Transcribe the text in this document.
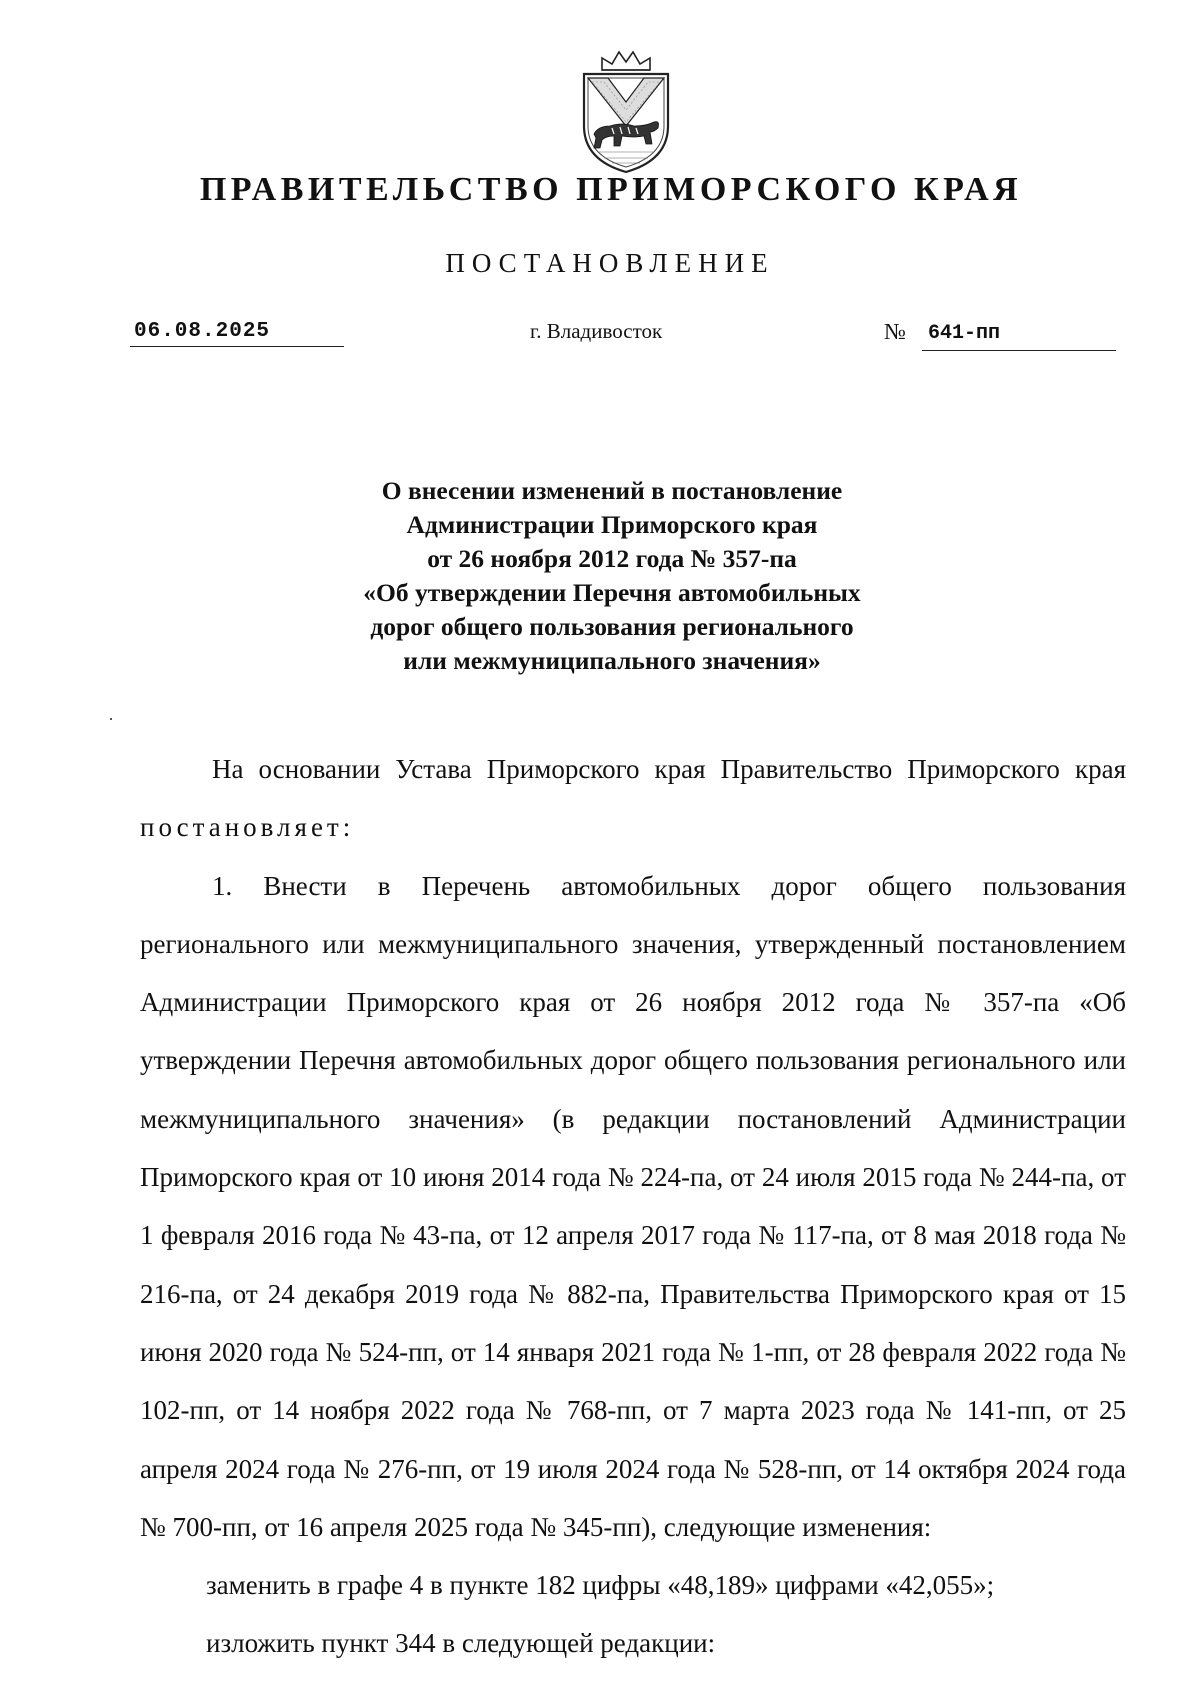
ПРАВИТЕЛЬСТВО ПРИМОРСКОГО КРАЯ
ПОСТАНОВЛЕНИЕ
06.08.2025	г. Владивосток	№	641-пп
О внесении изменений в постановление
Администрации Приморского края
от 26 ноября 2012 года № 357-па
«Об утверждении Перечня автомобильных
дорог общего пользования регионального
или межмуниципального значения»

На основании Устава Приморского края Правительство Приморского края постановляет:

1. Внести в Перечень автомобильных дорог общего пользования регионального или межмуниципального значения, утвержденный постановлением Администрации Приморского края от 26 ноября 2012 года № 357-па «Об утверждении Перечня автомобильных дорог общего пользования регионального или межмуниципального значения» (в редакции постановлений Администрации Приморского края от 10 июня 2014 года № 224-па, от 24 июля 2015 года № 244-па, от 1 февраля 2016 года № 43-па, от 12 апреля 2017 года № 117-па, от 8 мая 2018 года № 216-па, от 24 декабря 2019 года № 882-па, Правительства Приморского края от 15 июня 2020 года № 524-пп, от 14 января 2021 года № 1-пп, от 28 февраля 2022 года № 102-пп, от 14 ноября 2022 года № 768-пп, от 7 марта 2023 года № 141-пп, от 25 апреля 2024 года № 276-пп, от 19 июля 2024 года № 528-пп, от 14 октября 2024 года № 700-пп, от 16 апреля 2025 года № 345-пп), следующие изменения:

заменить в графе 4 в пункте 182 цифры «48,189» цифрами «42,055»;

изложить пункт 344 в следующей редакции:
